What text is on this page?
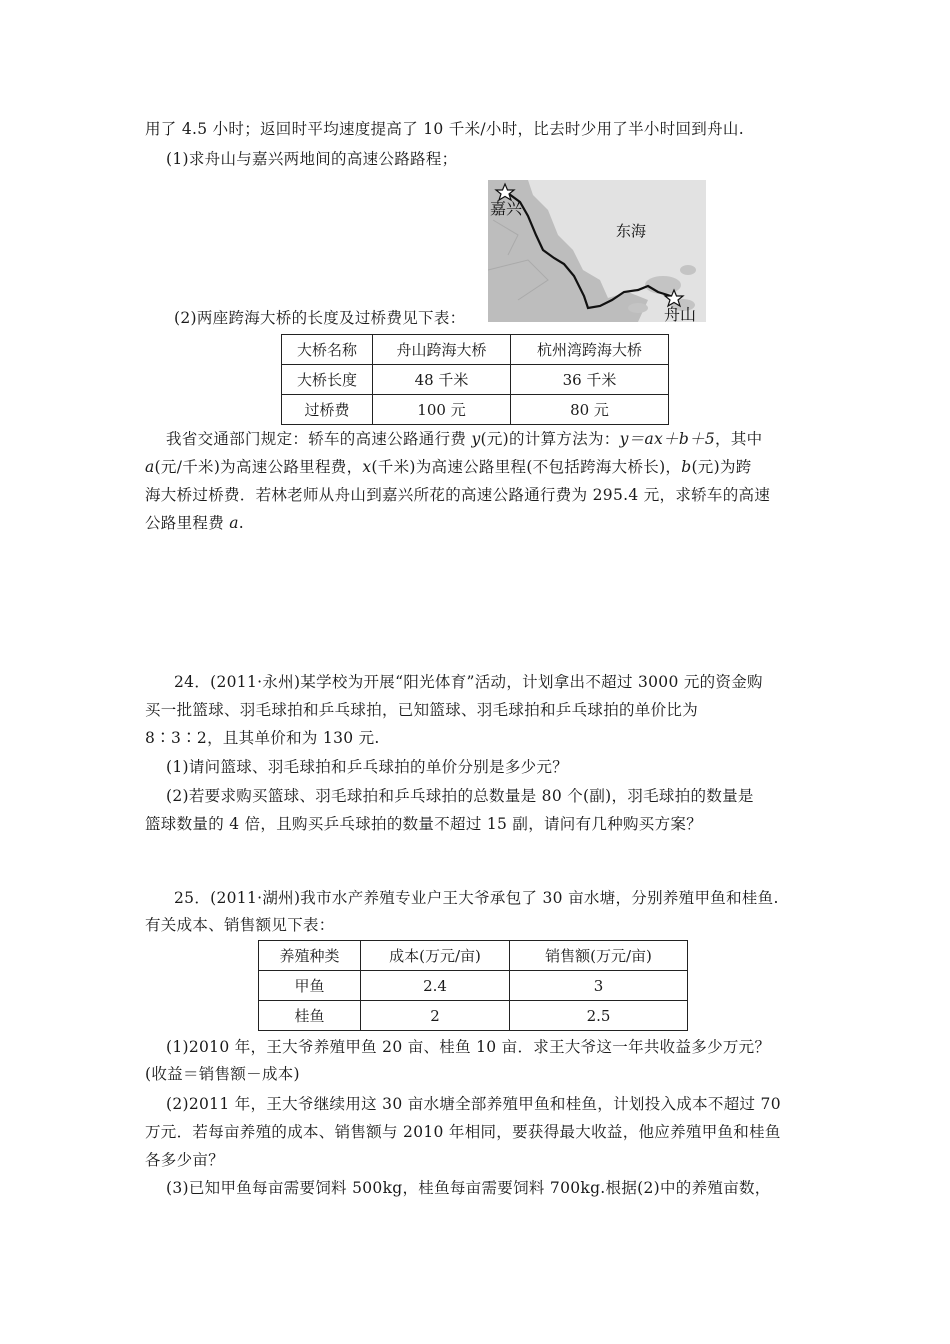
用了 4.5 小时；返回时平均速度提高了 10 千米/小时，比去时少用了半小时回到舟山.
(1)求舟山与嘉兴两地间的高速公路路程；
嘉兴
东海
舟山
(2)两座跨海大桥的长度及过桥费见下表：
大桥名称	舟山跨海大桥	杭州湾跨海大桥
大桥长度	48 千米	36 千米
过桥费	100 元	80 元
我省交通部门规定：轿车的高速公路通行费 y(元)的计算方法为：y＝ax＋b＋5，其中
a(元/千米)为高速公路里程费，x(千米)为高速公路里程(不包括跨海大桥长)，b(元)为跨
海大桥过桥费．若林老师从舟山到嘉兴所花的高速公路通行费为 295.4 元，求轿车的高速
公路里程费 a.
24．(2011·永州)某学校为开展“阳光体育”活动，计划拿出不超过 3000 元的资金购
买一批篮球、羽毛球拍和乒乓球拍，已知篮球、羽毛球拍和乒乓球拍的单价比为
8∶3∶2，且其单价和为 130 元.
(1)请问篮球、羽毛球拍和乒乓球拍的单价分别是多少元？
(2)若要求购买篮球、羽毛球拍和乒乓球拍的总数量是 80 个(副)，羽毛球拍的数量是
篮球数量的 4 倍，且购买乒乓球拍的数量不超过 15 副，请问有几种购买方案？
25．(2011·湖州)我市水产养殖专业户王大爷承包了 30 亩水塘，分别养殖甲鱼和桂鱼.
有关成本、销售额见下表：
养殖种类	成本(万元/亩)	销售额(万元/亩)
甲鱼	2.4	3
桂鱼	2	2.5
(1)2010 年，王大爷养殖甲鱼 20 亩、桂鱼 10 亩．求王大爷这一年共收益多少万元？
(收益＝销售额－成本)
(2)2011 年，王大爷继续用这 30 亩水塘全部养殖甲鱼和桂鱼，计划投入成本不超过 70
万元．若每亩养殖的成本、销售额与 2010 年相同，要获得最大收益，他应养殖甲鱼和桂鱼
各多少亩？
(3)已知甲鱼每亩需要饲料 500kg，桂鱼每亩需要饲料 700kg.根据(2)中的养殖亩数，
